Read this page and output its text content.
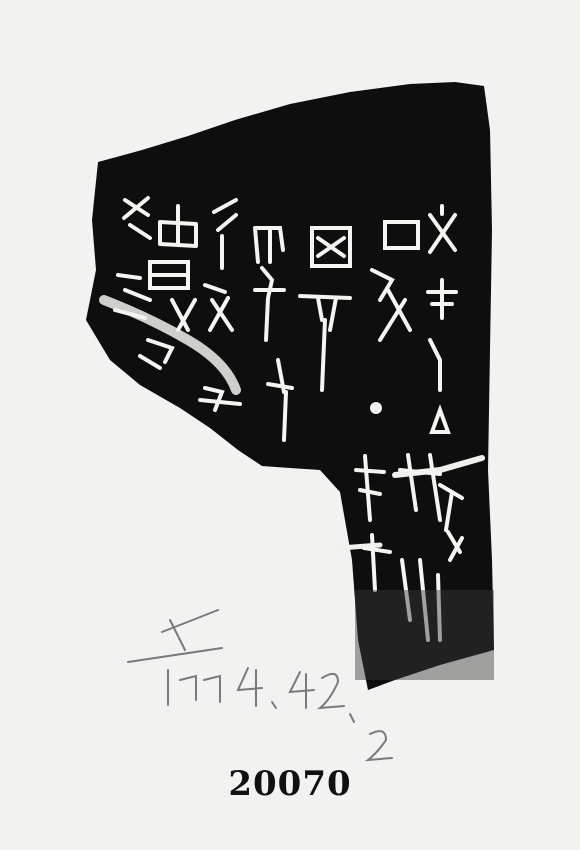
20070
